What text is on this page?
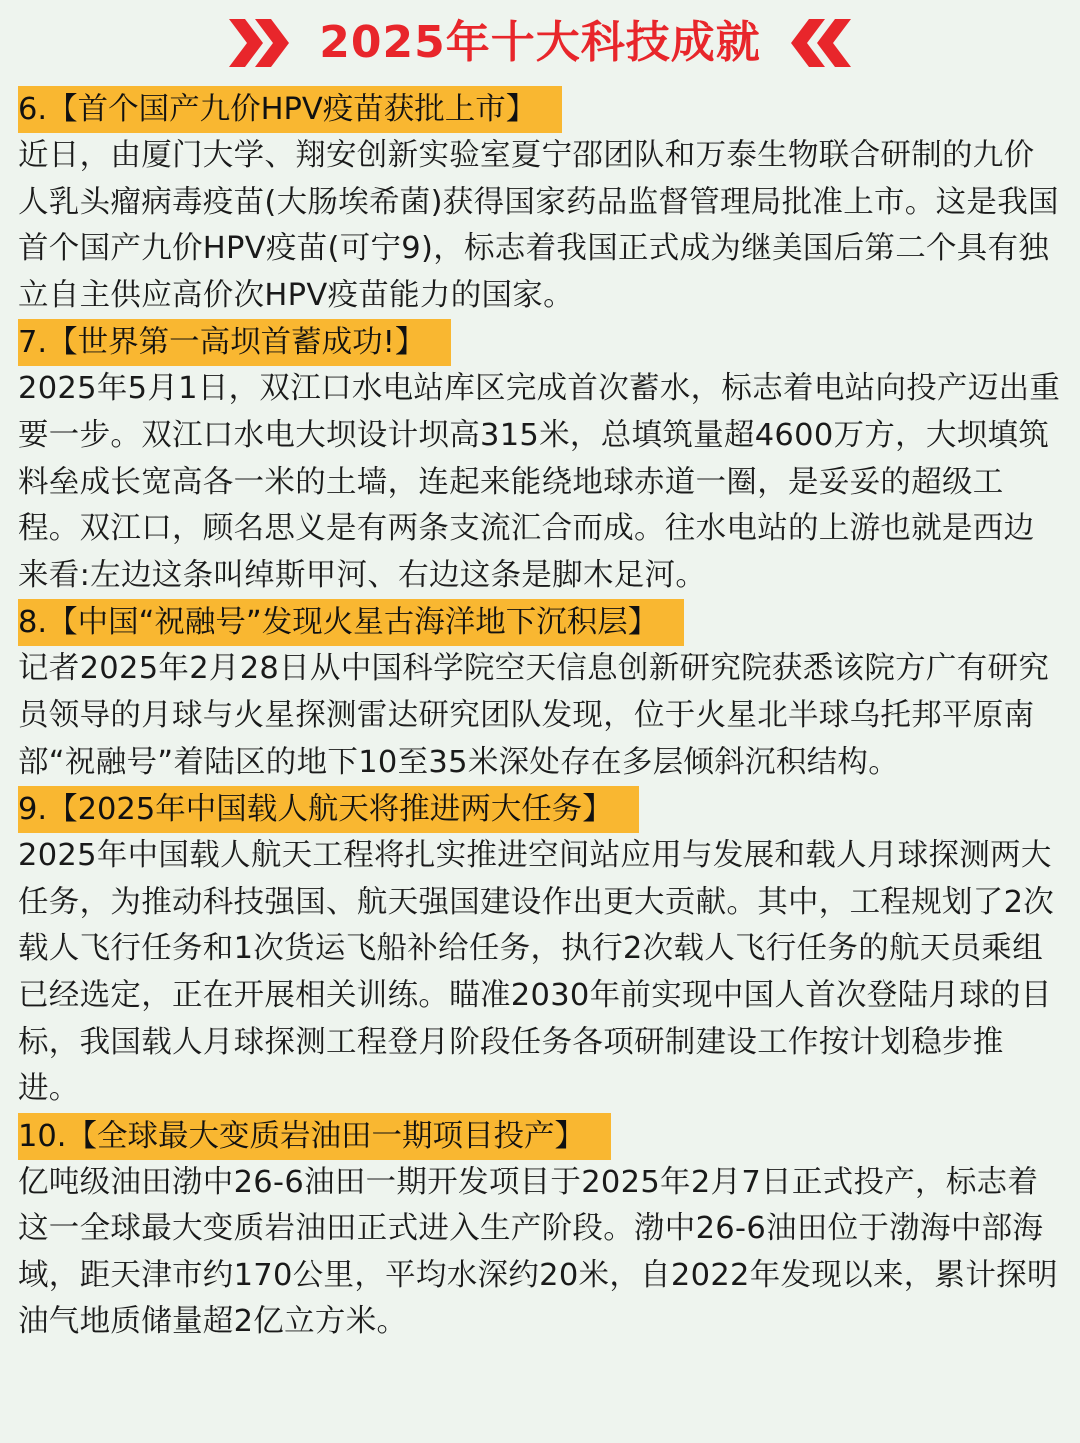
2025年十大科技成就
6.【首个国产九价HPV疫苗获批上市】

近日，由厦门大学、翔安创新实验室夏宁邵团队和万泰生物联合研制的九价人乳头瘤病毒疫苗(大肠埃希菌)获得国家药品监督管理局批准上市。这是我国首个国产九价HPV疫苗(可宁9)，标志着我国正式成为继美国后第二个具有独立自主供应高价次HPV疫苗能力的国家。

7.【世界第一高坝首蓄成功!】

2025年5月1日，双江口水电站库区完成首次蓄水，标志着电站向投产迈出重要一步。双江口水电大坝设计坝高315米，总填筑量超4600万方，大坝填筑料垒成长宽高各一米的土墙，连起来能绕地球赤道一圈，是妥妥的超级工程。双江口，顾名思义是有两条支流汇合而成。往水电站的上游也就是西边来看:左边这条叫绰斯甲河、右边这条是脚木足河。

8.【中国“祝融号”发现火星古海洋地下沉积层】

记者2025年2月28日从中国科学院空天信息创新研究院获悉该院方广有研究员领导的月球与火星探测雷达研究团队发现，位于火星北半球乌托邦平原南部“祝融号”着陆区的地下10至35米深处存在多层倾斜沉积结构。

9.【2025年中国载人航天将推进两大任务】

2025年中国载人航天工程将扎实推进空间站应用与发展和载人月球探测两大任务，为推动科技强国、航天强国建设作出更大贡献。其中，工程规划了2次载人飞行任务和1次货运飞船补给任务，执行2次载人飞行任务的航天员乘组已经选定，正在开展相关训练。瞄准2030年前实现中国人首次登陆月球的目标，我国载人月球探测工程登月阶段任务各项研制建设工作按计划稳步推进。

10.【全球最大变质岩油田一期项目投产】

亿吨级油田渤中26-6油田一期开发项目于2025年2月7日正式投产，标志着这一全球最大变质岩油田正式进入生产阶段。渤中26-6油田位于渤海中部海域，距天津市约170公里，平均水深约20米，自2022年发现以来，累计探明油气地质储量超2亿立方米。
